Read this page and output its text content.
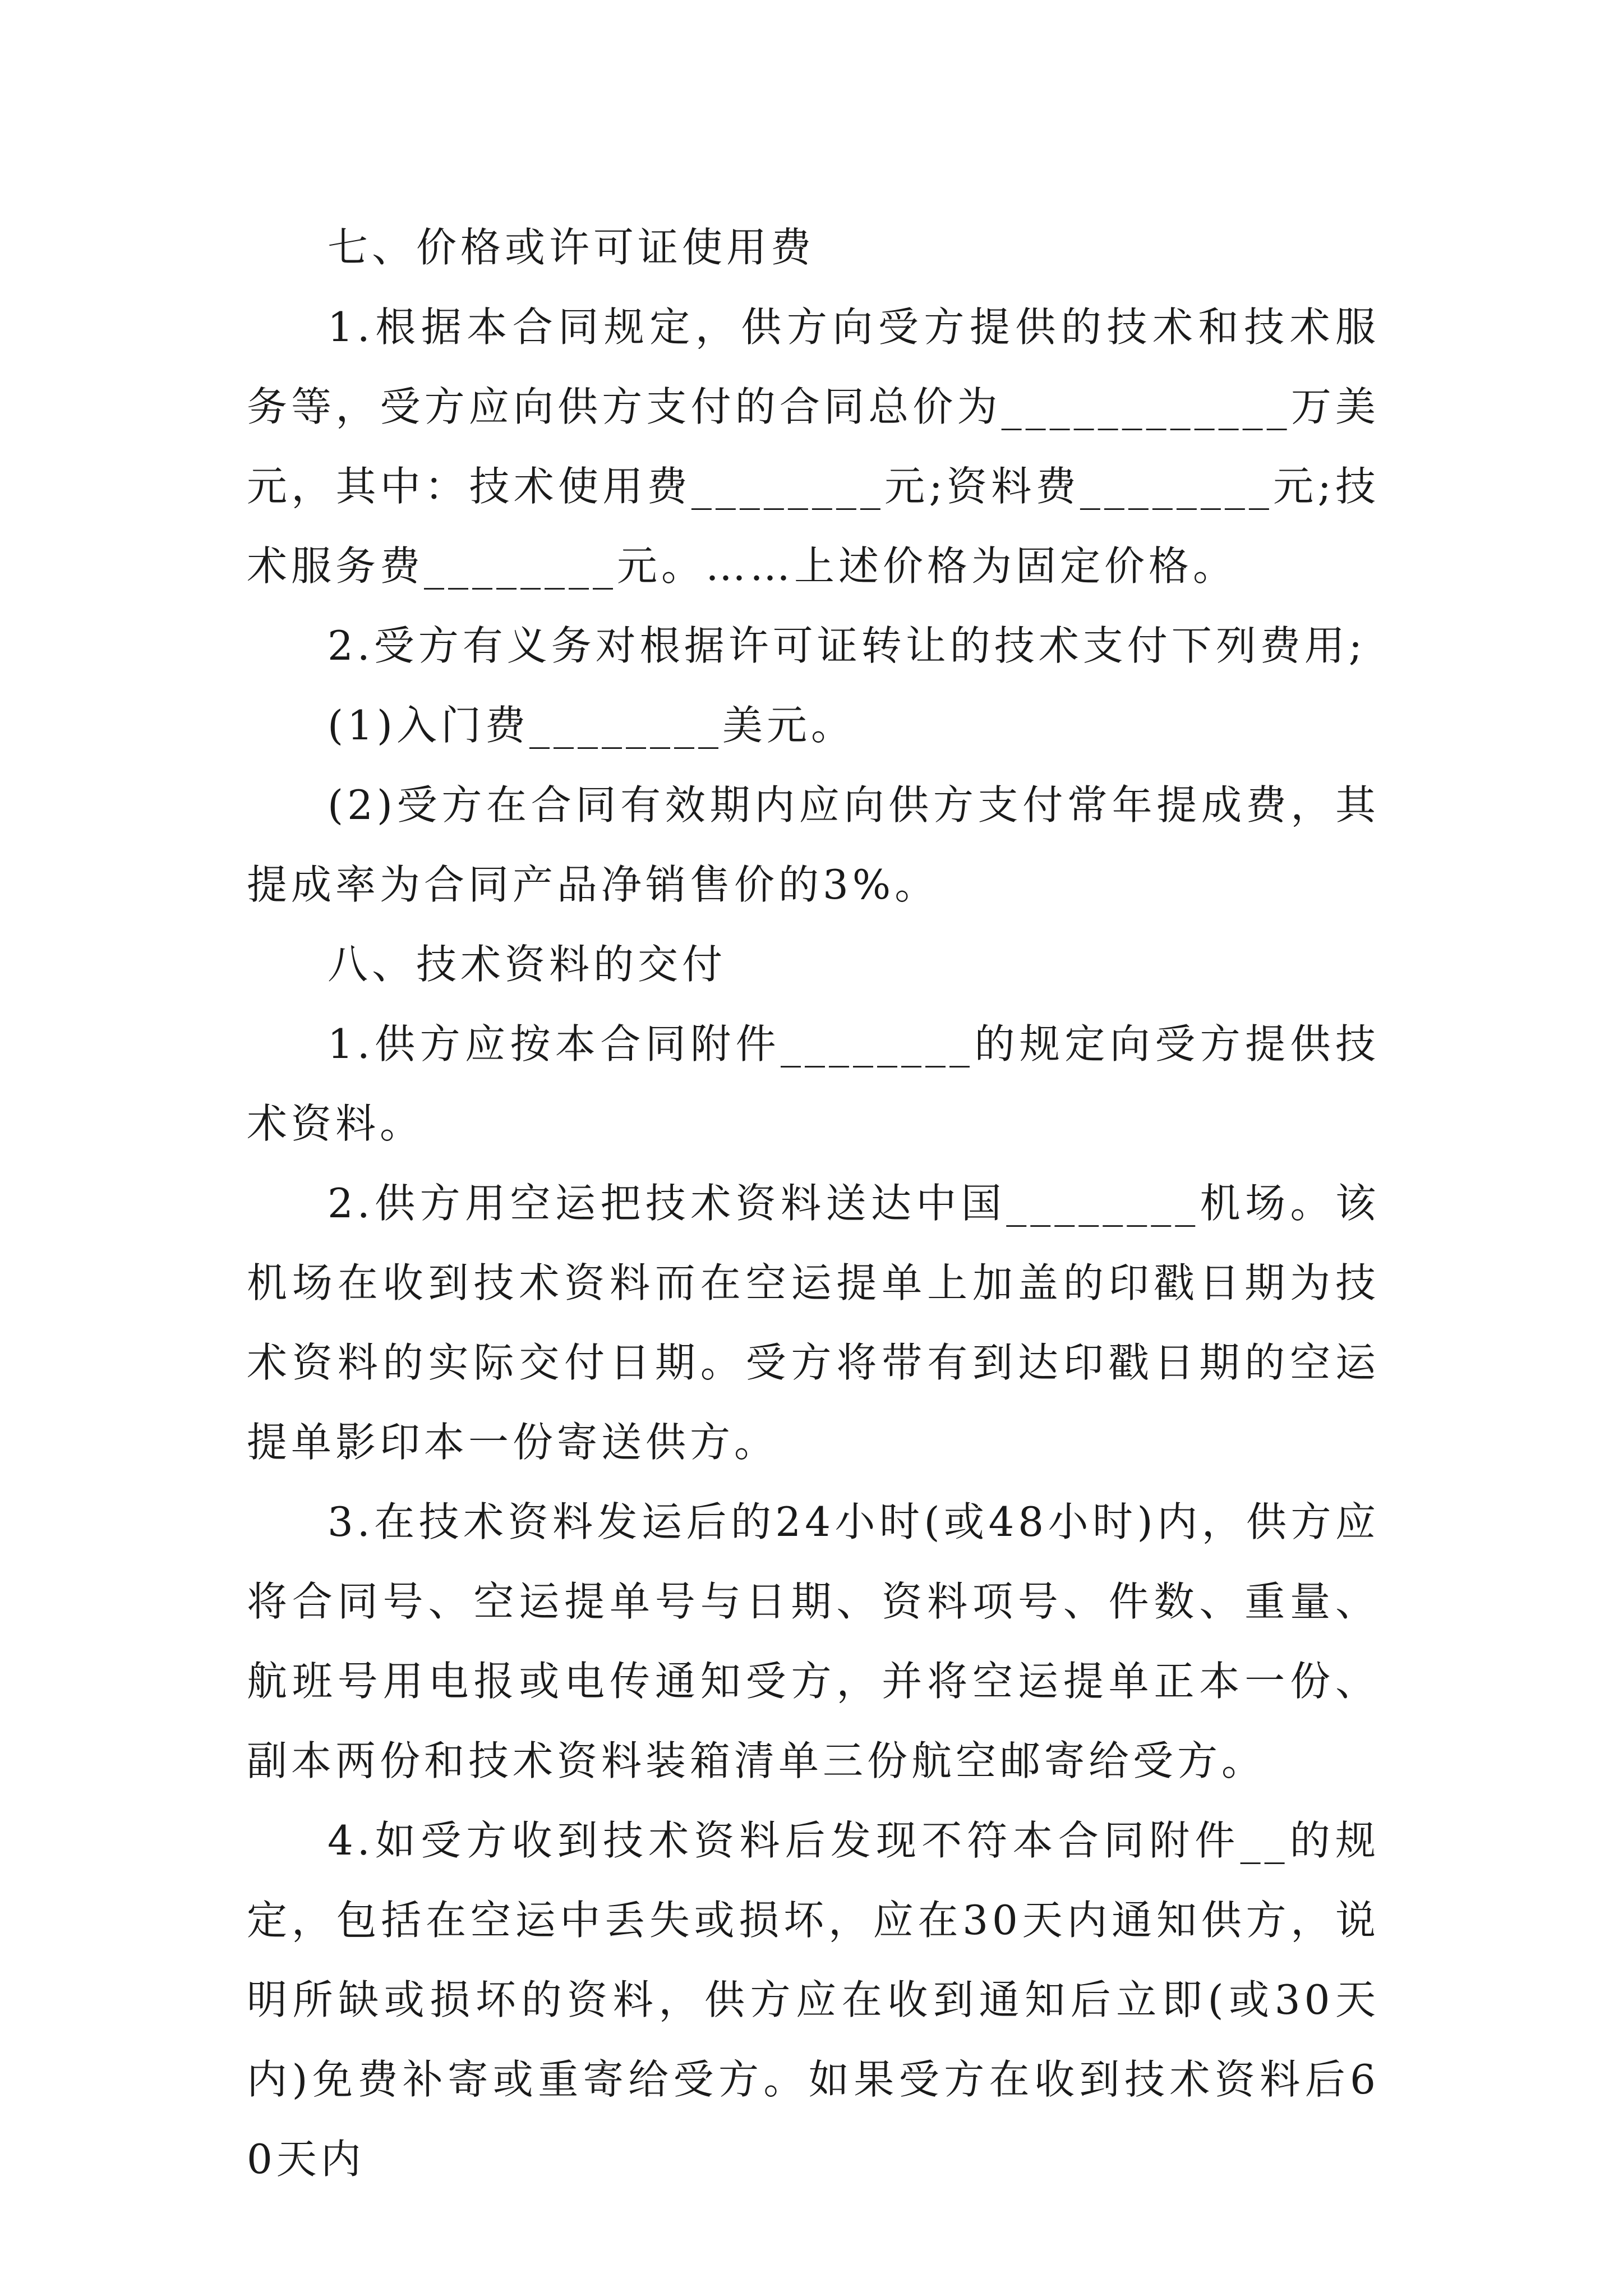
七、价格或许可证使用费

1.根据本合同规定，供方向受方提供的技术和技术服务等，受方应向供方支付的合同总价为____________万美元，其中：技术使用费________元;资料费________元;技术服务费________元。……上述价格为固定价格。

2.受方有义务对根据许可证转让的技术支付下列费用;

(1)入门费________美元。

(2)受方在合同有效期内应向供方支付常年提成费，其提成率为合同产品净销售价的3%。

八、技术资料的交付

1.供方应按本合同附件________的规定向受方提供技术资料。

2.供方用空运把技术资料送达中国________机场。该机场在收到技术资料而在空运提单上加盖的印戳日期为技术资料的实际交付日期。受方将带有到达印戳日期的空运提单影印本一份寄送供方。

3.在技术资料发运后的24小时(或48小时)内，供方应将合同号、空运提单号与日期、资料项号、件数、重量、航班号用电报或电传通知受方，并将空运提单正本一份、副本两份和技术资料装箱清单三份航空邮寄给受方。

4.如受方收到技术资料后发现不符本合同附件__的规定，包括在空运中丢失或损坏，应在30天内通知供方，说明所缺或损坏的资料，供方应在收到通知后立即(或30天内)免费补寄或重寄给受方。如果受方在收到技术资料后60天内
